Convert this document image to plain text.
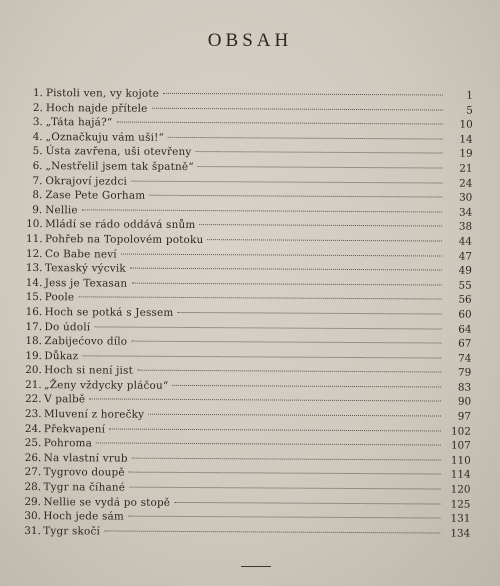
OBSAH
1. Pistoli ven, vy kojote	1
2. Hoch najde přítele	5
3. „Táta hajá?“	10
4. „Označkuju vám uši!“	14
5. Ústa zavřena, uši otevřeny	19
6. „Nestřelil jsem tak špatně“	21
7. Okrajoví jezdci	24
8. Zase Pete Gorham	30
9. Nellie	34
10. Mládí se rádo oddává snům	38
11. Pohřeb na Topolovém potoku	44
12. Co Babe neví	47
13. Texaský výcvik	49
14. Jess je Texasan	55
15. Poole	56
16. Hoch se potká s Jessem	60
17. Do údolí	64
18. Zabijećovo dílo	67
19. Důkaz	74
20. Hoch si není jist	79
21. „Ženy vždycky pláčou“	83
22. V palbě	90
23. Mluvení z horečky	97
24. Překvapení	102
25. Pohroma	107
26. Na vlastní vrub	110
27. Tygrovo doupě	114
28. Tygr na číhané	120
29. Nellie se vydá po stopě	125
30. Hoch jede sám	131
31. Tygr skočí	134
